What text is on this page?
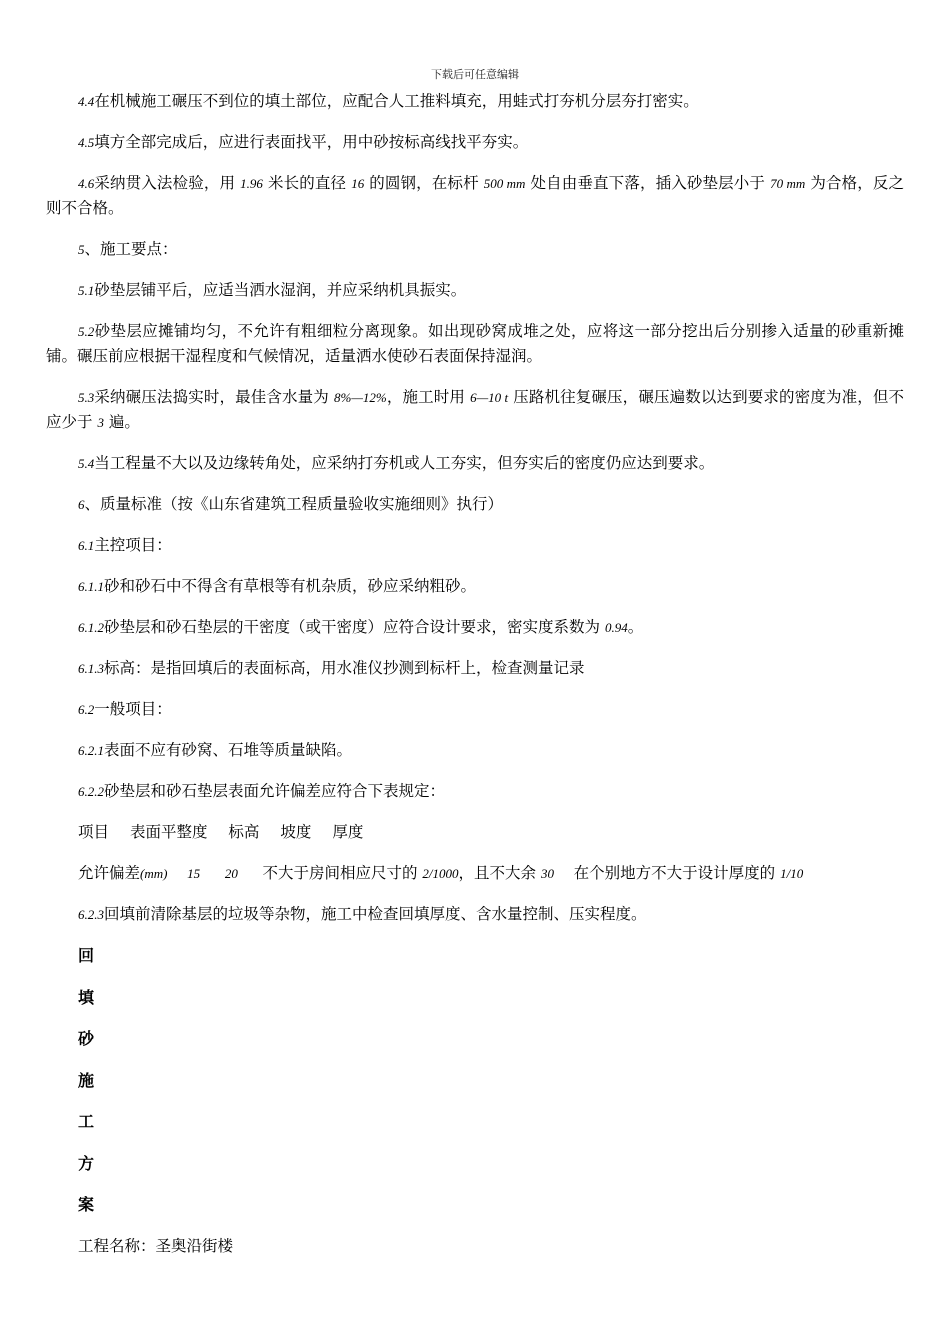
下载后可任意编辑

4.4在机械施工碾压不到位的填土部位，应配合人工推料填充，用蛙式打夯机分层夯打密实。

4.5填方全部完成后，应进行表面找平，用中砂按标高线找平夯实。

4.6采纳贯入法检验，用 1.96 米长的直径 16 的圆钢，在标杆 500 mm 处自由垂直下落，插入砂垫层小于 70 mm 为合格，反之则不合格。

5、施工要点：

5.1砂垫层铺平后，应适当洒水湿润，并应采纳机具振实。

5.2砂垫层应摊铺均匀，不允许有粗细粒分离现象。如出现砂窝成堆之处，应将这一部分挖出后分别掺入适量的砂重新摊铺。碾压前应根据干湿程度和气候情况，适量洒水使砂石表面保持湿润。

5.3采纳碾压法捣实时，最佳含水量为 8%—12%，施工时用 6—10 t 压路机往复碾压，碾压遍数以达到要求的密度为准，但不应少于 3 遍。

5.4当工程量不大以及边缘转角处，应采纳打夯机或人工夯实，但夯实后的密度仍应达到要求。

6、质量标准（按《山东省建筑工程质量验收实施细则》执行）

6.1主控项目：

6.1.1砂和砂石中不得含有草根等有机杂质，砂应采纳粗砂。

6.1.2砂垫层和砂石垫层的干密度（或干密度）应符合设计要求，密实度系数为 0.94。

6.1.3标高：是指回填后的表面标高，用水准仪抄测到标杆上，检查测量记录

6.2一般项目：

6.2.1表面不应有砂窝、石堆等质量缺陷。

6.2.2砂垫层和砂石垫层表面允许偏差应符合下表规定：

项目 表面平整度 标高 坡度 厚度
允许偏差(mm) 15 20 不大于房间相应尺寸的 2/1000，且不大余 30 在个别地方不大于设计厚度的 1/10

6.2.3回填前清除基层的垃圾等杂物，施工中检查回填厚度、含水量控制、压实程度。

回
填
砂
施
工
方
案
工程名称：圣奥沿街楼
